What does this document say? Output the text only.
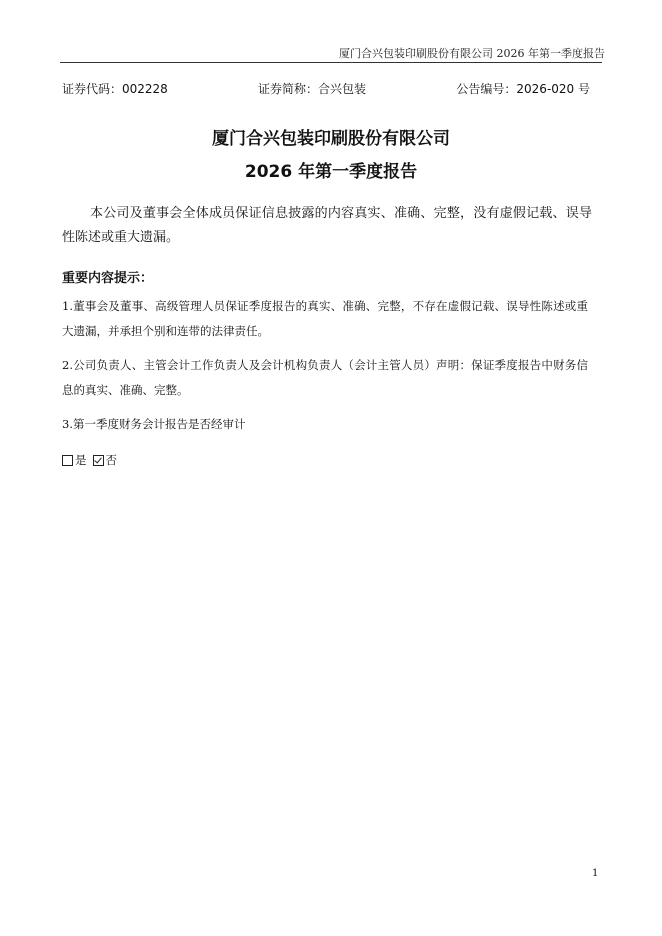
厦门合兴包装印刷股份有限公司 2026 年第一季度报告
证券代码：002228	证券简称：合兴包装	公告编号：2026-020 号
厦门合兴包装印刷股份有限公司
2026 年第一季度报告
本公司及董事会全体成员保证信息披露的内容真实、准确、完整，没有虚假记载、误导性陈述或重大遗漏。
重要内容提示：
1.董事会及董事、高级管理人员保证季度报告的真实、准确、完整，不存在虚假记载、误导性陈述或重大遗漏，并承担个别和连带的法律责任。
2.公司负责人、主管会计工作负责人及会计机构负责人（会计主管人员）声明：保证季度报告中财务信息的真实、准确、完整。
3.第一季度财务会计报告是否经审计
是 否
1
